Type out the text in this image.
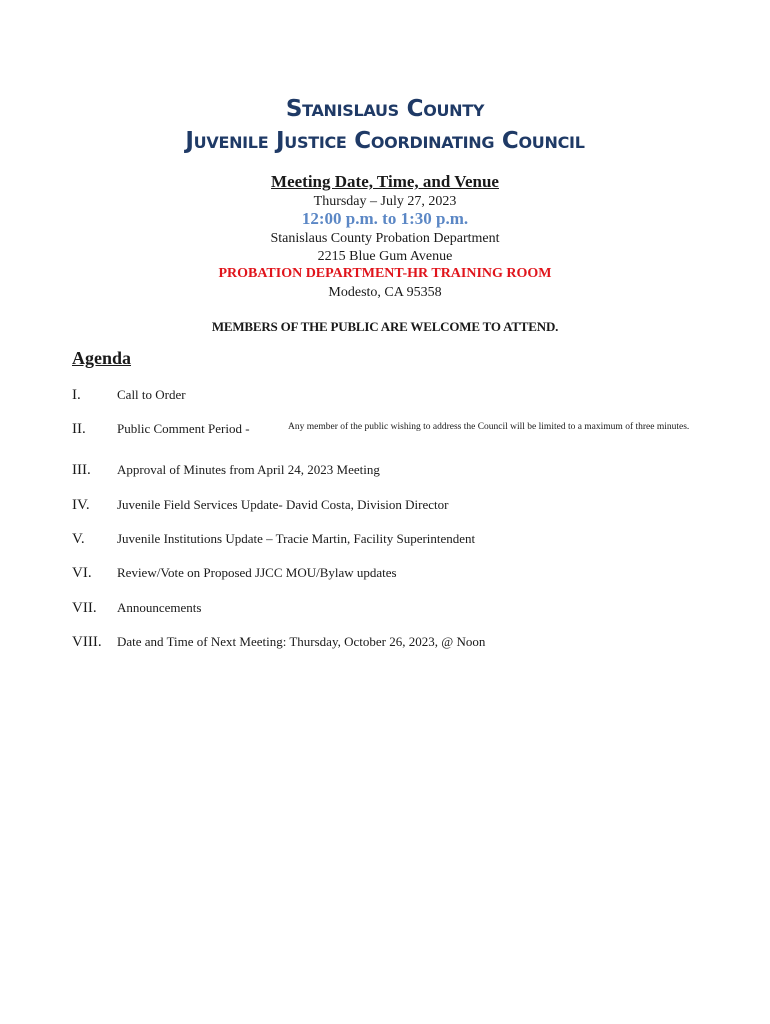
Stanislaus County
Juvenile Justice Coordinating Council
Meeting Date, Time, and Venue
Thursday – July 27, 2023
12:00 p.m. to 1:30 p.m.
Stanislaus County Probation Department
2215 Blue Gum Avenue
PROBATION DEPARTMENT-HR TRAINING ROOM
Modesto, CA 95358
MEMBERS OF THE PUBLIC ARE WELCOME TO ATTEND.
Agenda
I.	Call to Order
II. Public Comment Period -	Any member of the public wishing to address the Council will be limited to a maximum of three minutes.
III. Approval of Minutes from April 24, 2023 Meeting
IV. Juvenile Field Services Update- David Costa, Division Director
V. Juvenile Institutions Update – Tracie Martin, Facility Superintendent
VI. Review/Vote on Proposed JJCC MOU/Bylaw updates
VII. Announcements
VIII. Date and Time of Next Meeting: Thursday, October 26, 2023, @ Noon
